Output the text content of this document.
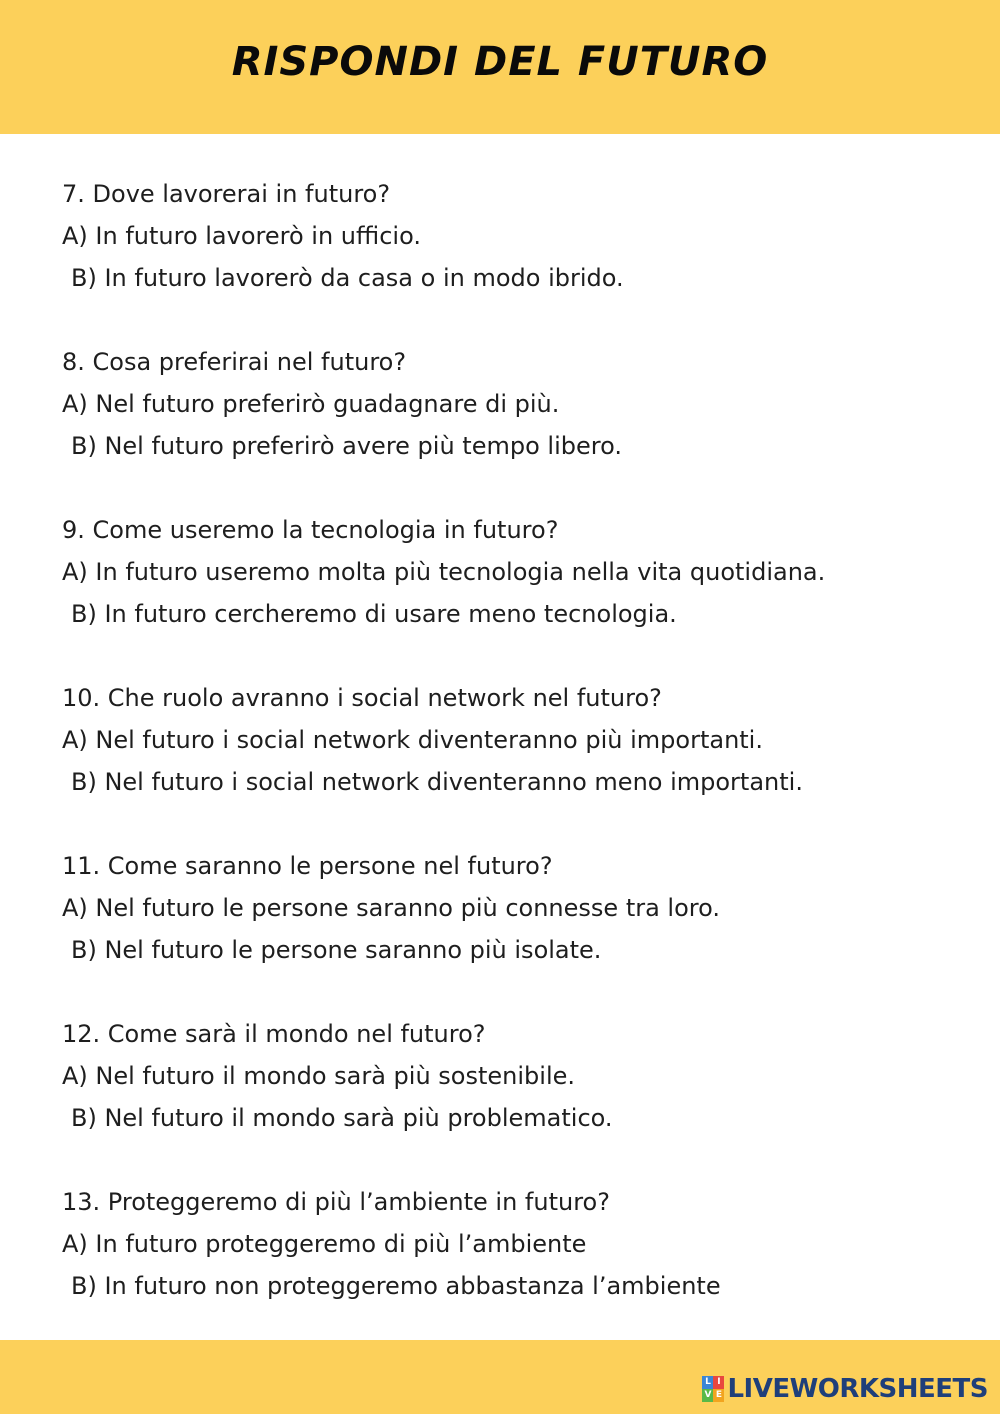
RISPONDI DEL FUTURO
7. Dove lavorerai in futuro?
A) In futuro lavorerò in ufficio.
B) In futuro lavorerò da casa o in modo ibrido.
8. Cosa preferirai nel futuro?
A) Nel futuro preferirò guadagnare di più.
B) Nel futuro preferirò avere più tempo libero.
9. Come useremo la tecnologia in futuro?
A) In futuro useremo molta più tecnologia nella vita quotidiana.
B) In futuro cercheremo di usare meno tecnologia.
10. Che ruolo avranno i social network nel futuro?
A) Nel futuro i social network diventeranno più importanti.
B) Nel futuro i social network diventeranno meno importanti.
11. Come saranno le persone nel futuro?
A) Nel futuro le persone saranno più connesse tra loro.
B) Nel futuro le persone saranno più isolate.
12. Come sarà il mondo nel futuro?
A) Nel futuro il mondo sarà più sostenibile.
B) Nel futuro il mondo sarà più problematico.
13. Proteggeremo di più l’ambiente in futuro?
A) In futuro proteggeremo di più l’ambiente
B) In futuro non proteggeremo abbastanza l’ambiente
L I
V E LIVEWORKSHEETS
